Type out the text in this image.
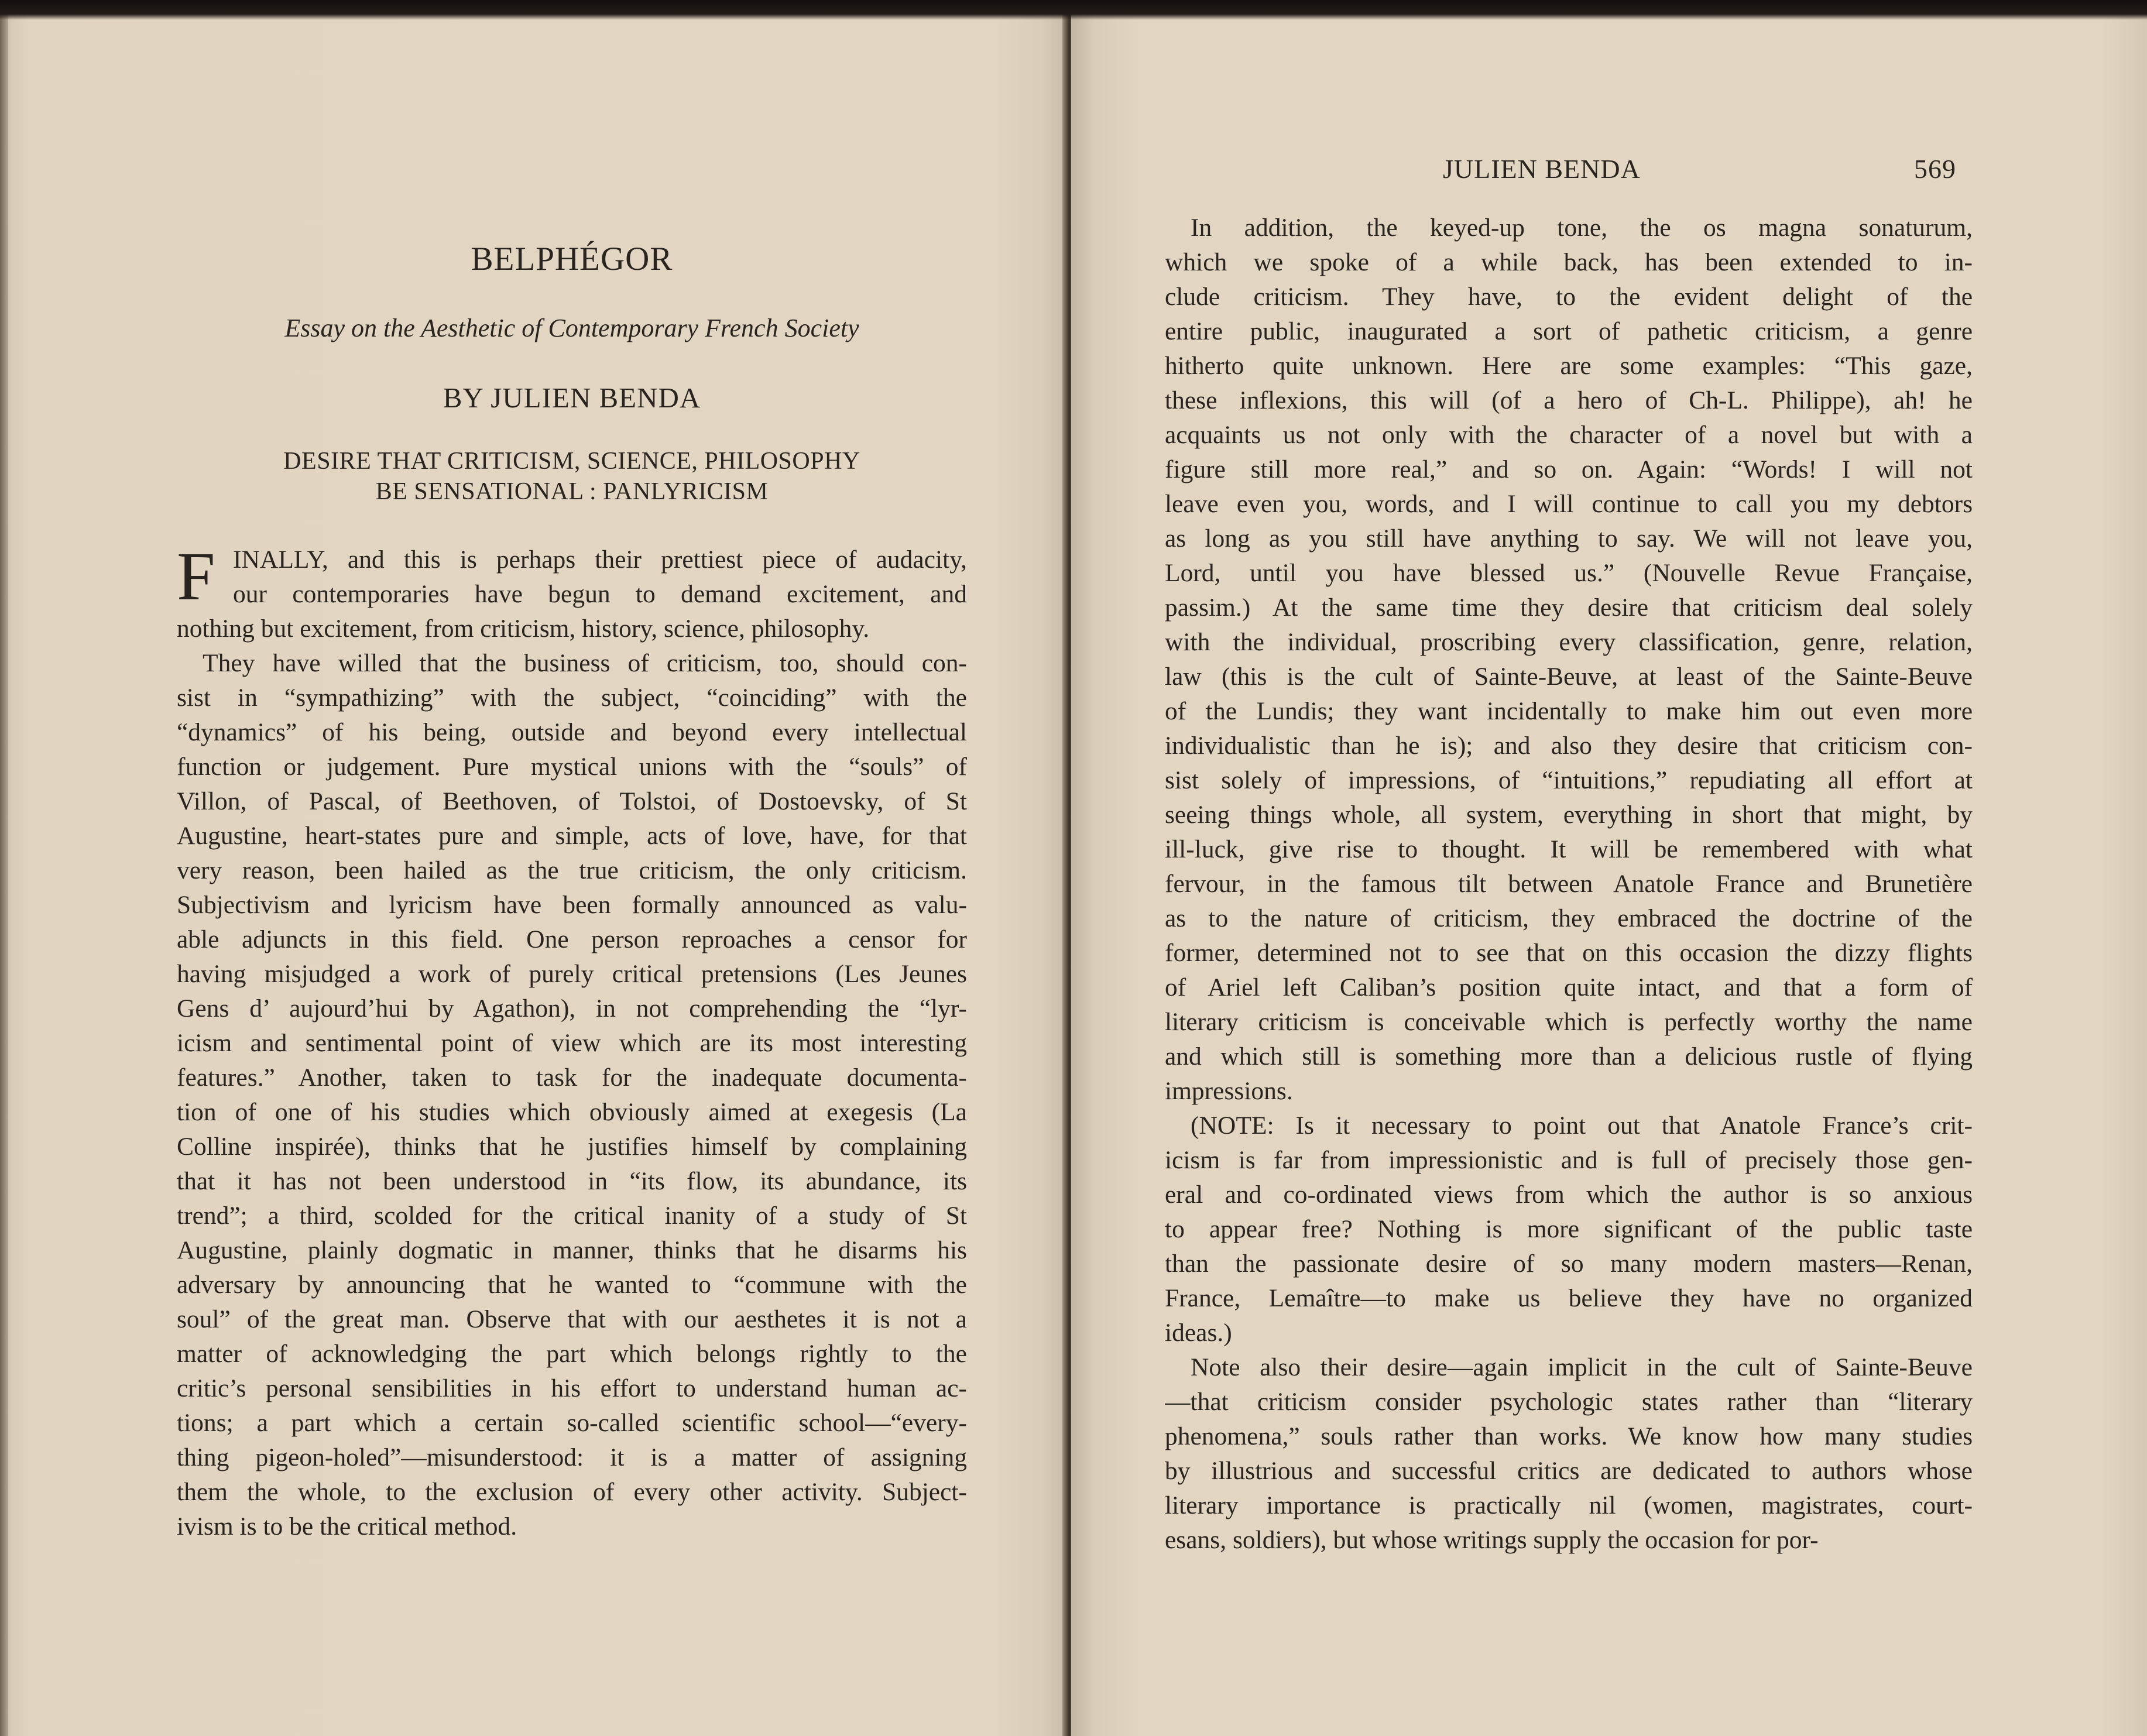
BELPHÉGOR
Essay on the Aesthetic of Contemporary French Society
BY JULIEN BENDA
DESIRE THAT CRITICISM, SCIENCE, PHILOSOPHY
BE SENSATIONAL : PANLYRICISM
F INALLY, and this is perhaps their prettiest piece of audacity,
our contemporaries have begun to demand excitement, and
nothing but excitement, from criticism, history, science, philosophy.
They have willed that the business of criticism, too, should con-
sist in “sympathizing” with the subject, “coinciding” with the
“dynamics” of his being, outside and beyond every intellectual
function or judgement. Pure mystical unions with the “souls” of
Villon, of Pascal, of Beethoven, of Tolstoi, of Dostoevsky, of St
Augustine, heart-states pure and simple, acts of love, have, for that
very reason, been hailed as the true criticism, the only criticism.
Subjectivism and lyricism have been formally announced as valu-
able adjuncts in this field. One person reproaches a censor for
having misjudged a work of purely critical pretensions (Les Jeunes
Gens d’ aujourd’hui by Agathon), in not comprehending the “lyr-
icism and sentimental point of view which are its most interesting
features.” Another, taken to task for the inadequate documenta-
tion of one of his studies which obviously aimed at exegesis (La
Colline inspirée), thinks that he justifies himself by complaining
that it has not been understood in “its flow, its abundance, its
trend”; a third, scolded for the critical inanity of a study of St
Augustine, plainly dogmatic in manner, thinks that he disarms his
adversary by announcing that he wanted to “commune with the
soul” of the great man. Observe that with our aesthetes it is not a
matter of acknowledging the part which belongs rightly to the
critic’s personal sensibilities in his effort to understand human ac-
tions; a part which a certain so-called scientific school—“every-
thing pigeon-holed”—misunderstood: it is a matter of assigning
them the whole, to the exclusion of every other activity. Subject-
ivism is to be the critical method.
JULIEN BENDA	569
In addition, the keyed-up tone, the os magna sonaturum,
which we spoke of a while back, has been extended to in-
clude criticism. They have, to the evident delight of the
entire public, inaugurated a sort of pathetic criticism, a genre
hitherto quite unknown. Here are some examples: “This gaze,
these inflexions, this will (of a hero of Ch-L. Philippe), ah! he
acquaints us not only with the character of a novel but with a
figure still more real,” and so on. Again: “Words! I will not
leave even you, words, and I will continue to call you my debtors
as long as you still have anything to say. We will not leave you,
Lord, until you have blessed us.” (Nouvelle Revue Française,
passim.) At the same time they desire that criticism deal solely
with the individual, proscribing every classification, genre, relation,
law (this is the cult of Sainte-Beuve, at least of the Sainte-Beuve
of the Lundis; they want incidentally to make him out even more
individualistic than he is); and also they desire that criticism con-
sist solely of impressions, of “intuitions,” repudiating all effort at
seeing things whole, all system, everything in short that might, by
ill-luck, give rise to thought. It will be remembered with what
fervour, in the famous tilt between Anatole France and Brunetière
as to the nature of criticism, they embraced the doctrine of the
former, determined not to see that on this occasion the dizzy flights
of Ariel left Caliban’s position quite intact, and that a form of
literary criticism is conceivable which is perfectly worthy the name
and which still is something more than a delicious rustle of flying
impressions.
(NOTE: Is it necessary to point out that Anatole France’s crit-
icism is far from impressionistic and is full of precisely those gen-
eral and co-ordinated views from which the author is so anxious
to appear free? Nothing is more significant of the public taste
than the passionate desire of so many modern masters—Renan,
France, Lemaître—to make us believe they have no organized
ideas.)
Note also their desire—again implicit in the cult of Sainte-Beuve
—that criticism consider psychologic states rather than “literary
phenomena,” souls rather than works. We know how many studies
by illustrious and successful critics are dedicated to authors whose
literary importance is practically nil (women, magistrates, court-
esans, soldiers), but whose writings supply the occasion for por-
